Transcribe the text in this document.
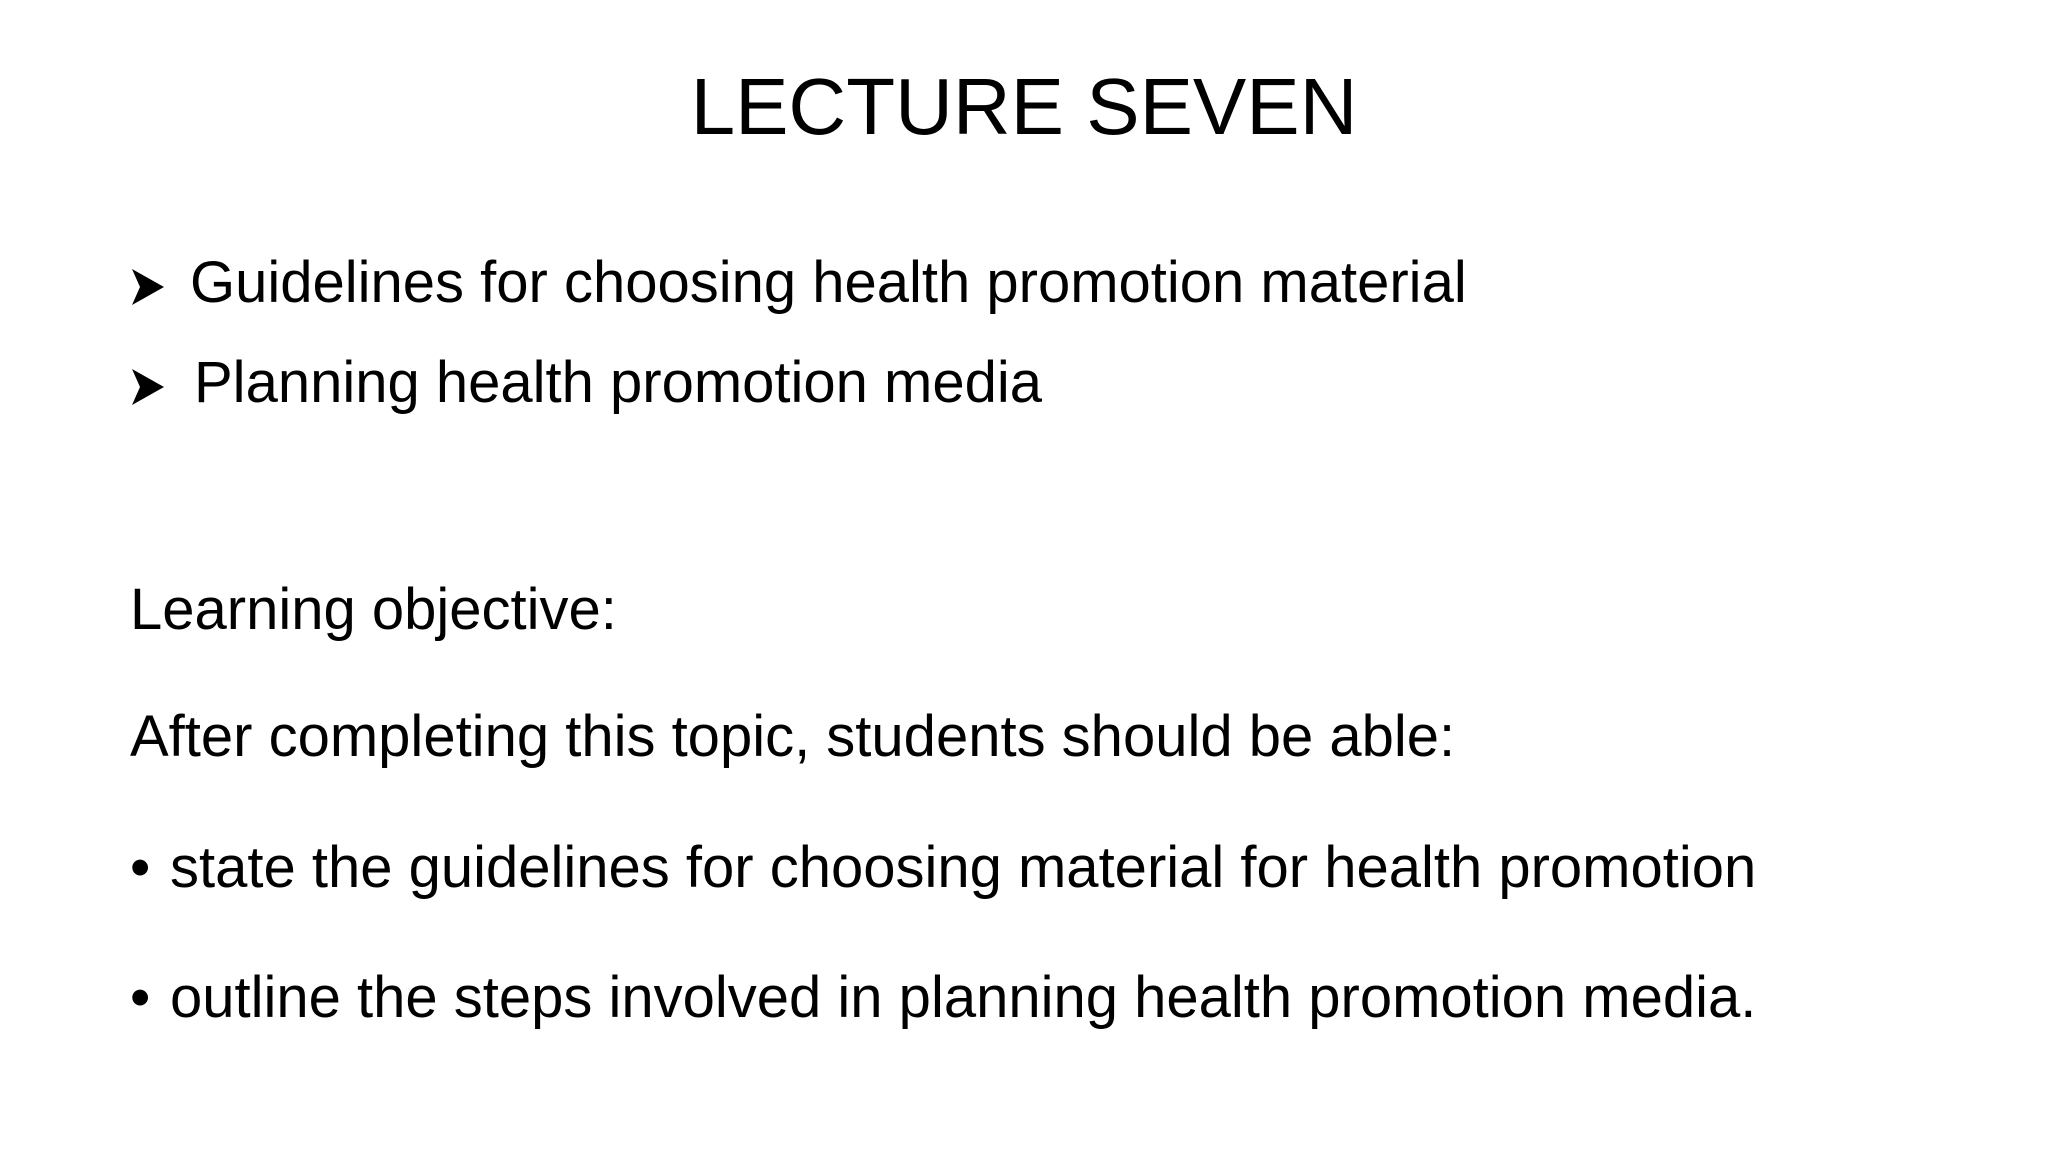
LECTURE SEVEN
Guidelines for choosing health promotion material
Planning health promotion media

Learning objective:

After completing this topic, students should be able:

• state the guidelines for choosing material for health promotion

• outline the steps involved in planning health promotion media.
